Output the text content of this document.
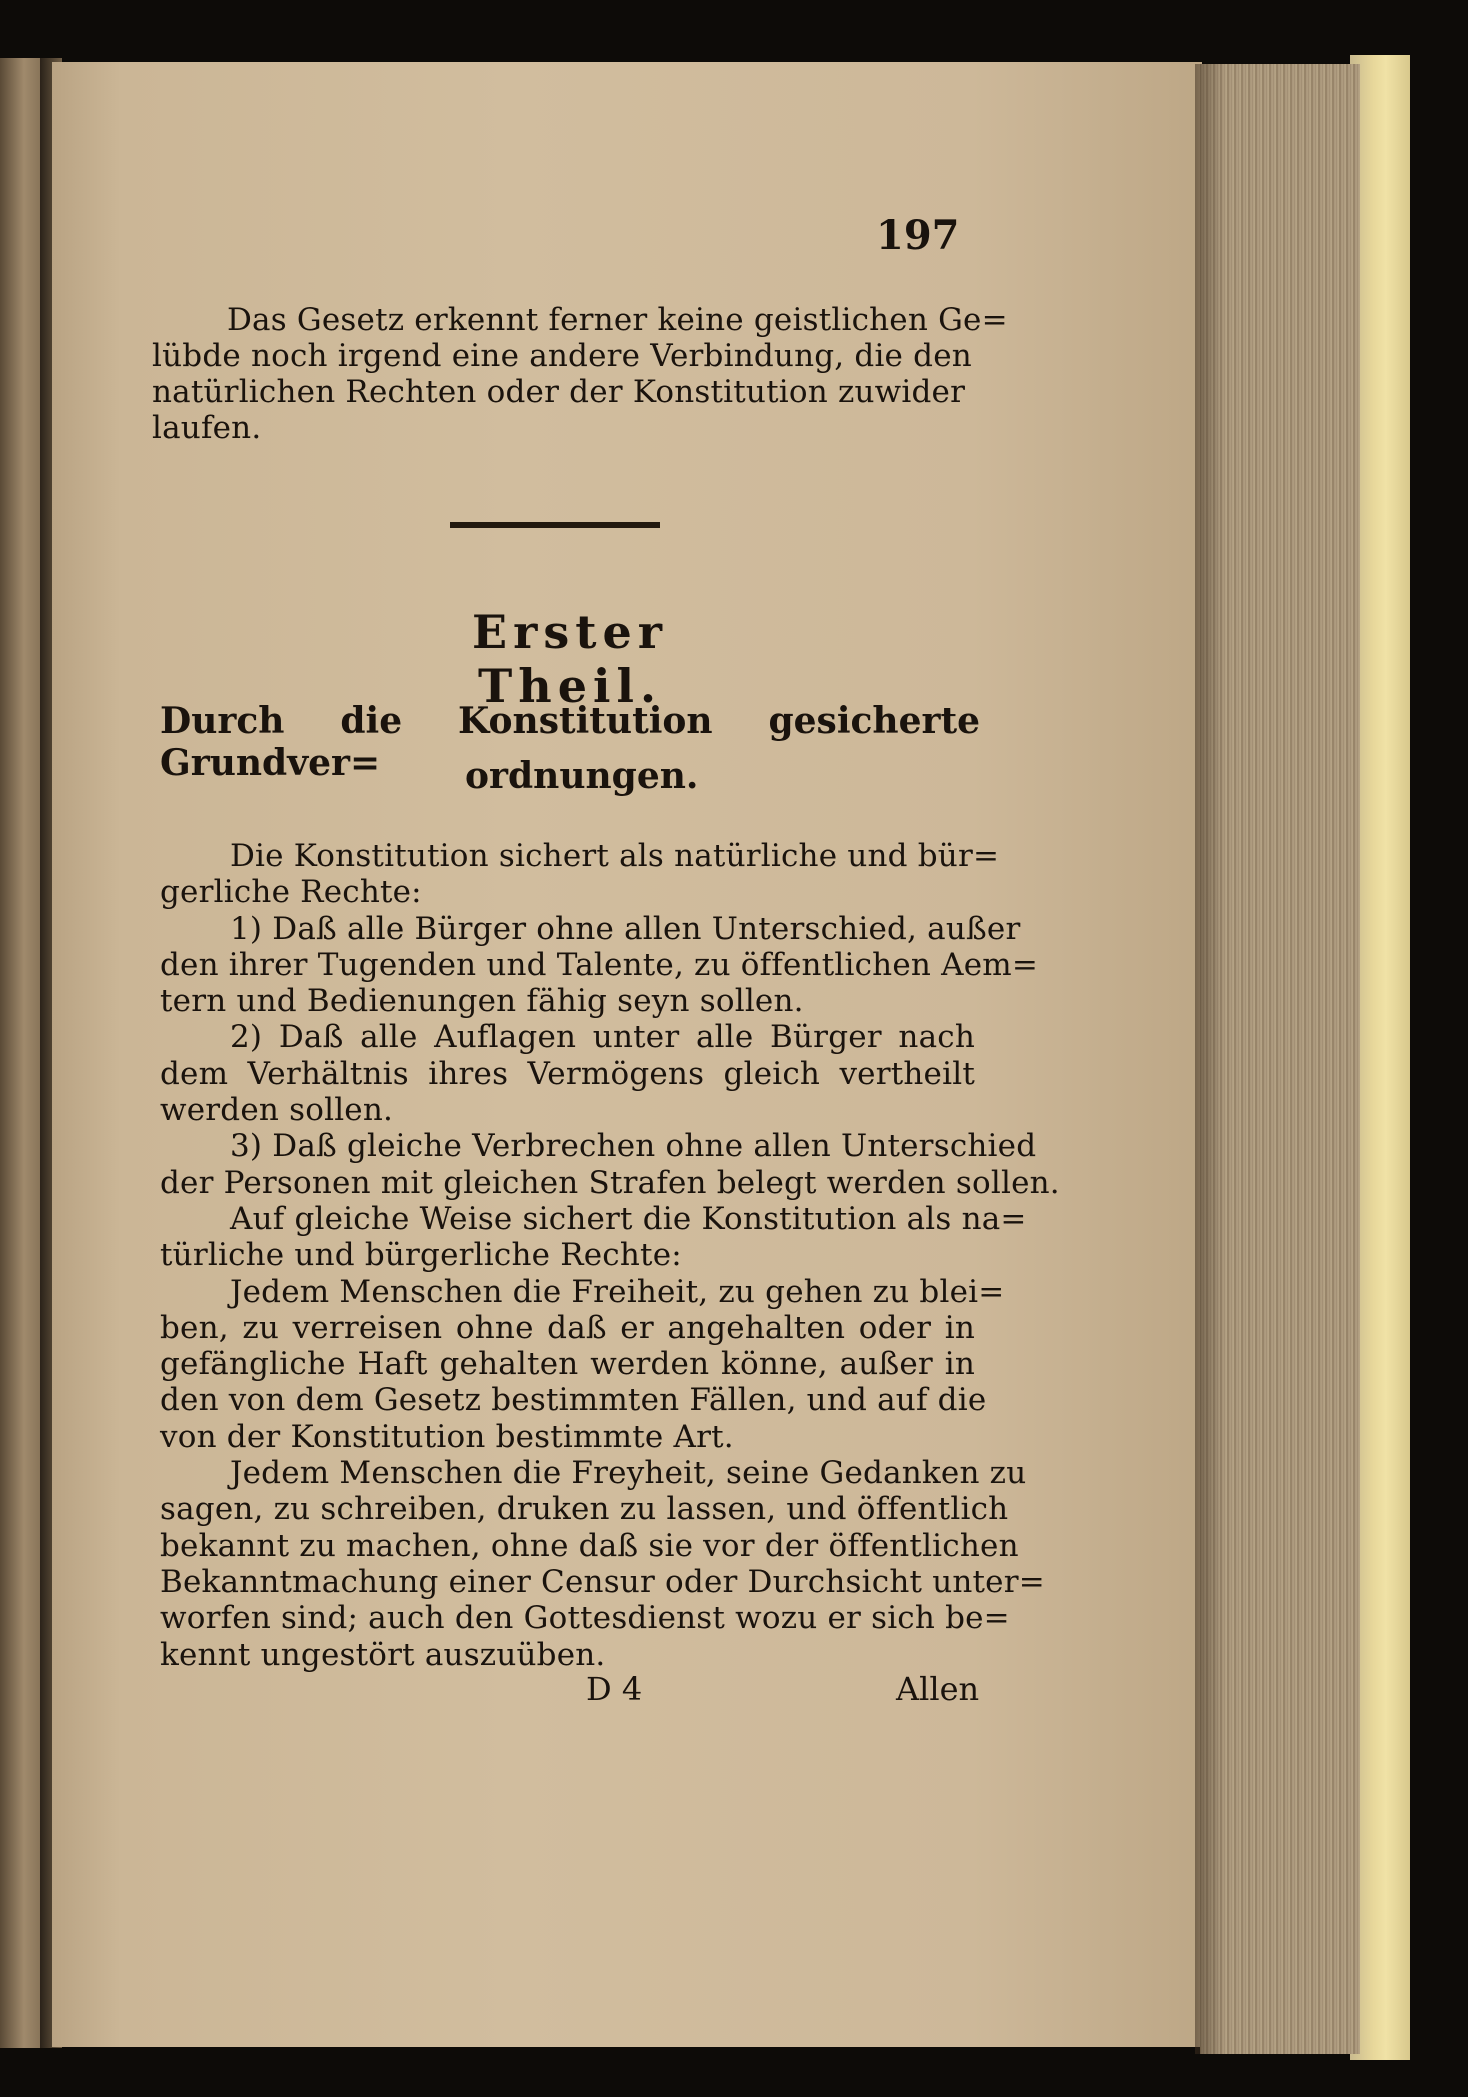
197
Das Gesetz erkennt ferner keine geistlichen Ge=
lübde noch irgend eine andere Verbindung, die den
natürlichen Rechten oder der Konstitution zuwider
laufen.
Erster Theil.
Durch die Konstitution gesicherte Grundver=	ordnungen.
Die Konstitution sichert als natürliche und bür=
gerliche Rechte:
1) Daß alle Bürger ohne allen Unterschied, außer
den ihrer Tugenden und Talente, zu öffentlichen Aem=
tern und Bedienungen fähig seyn sollen.
2) Daß alle Auflagen unter alle Bürger nach
dem Verhältnis ihres Vermögens gleich vertheilt
werden sollen.
3) Daß gleiche Verbrechen ohne allen Unterschied
der Personen mit gleichen Strafen belegt werden sollen.
Auf gleiche Weise sichert die Konstitution als na=
türliche und bürgerliche Rechte:
Jedem Menschen die Freiheit, zu gehen zu blei=
ben, zu verreisen ohne daß er angehalten oder in
gefängliche Haft gehalten werden könne, außer in
den von dem Gesetz bestimmten Fällen, und auf die
von der Konstitution bestimmte Art.
Jedem Menschen die Freyheit, seine Gedanken zu
sagen, zu schreiben, druken zu lassen, und öffentlich
bekannt zu machen, ohne daß sie vor der öffentlichen
Bekanntmachung einer Censur oder Durchsicht unter=
worfen sind; auch den Gottesdienst wozu er sich be=
kennt ungestört auszuüben.
D 4	Allen
